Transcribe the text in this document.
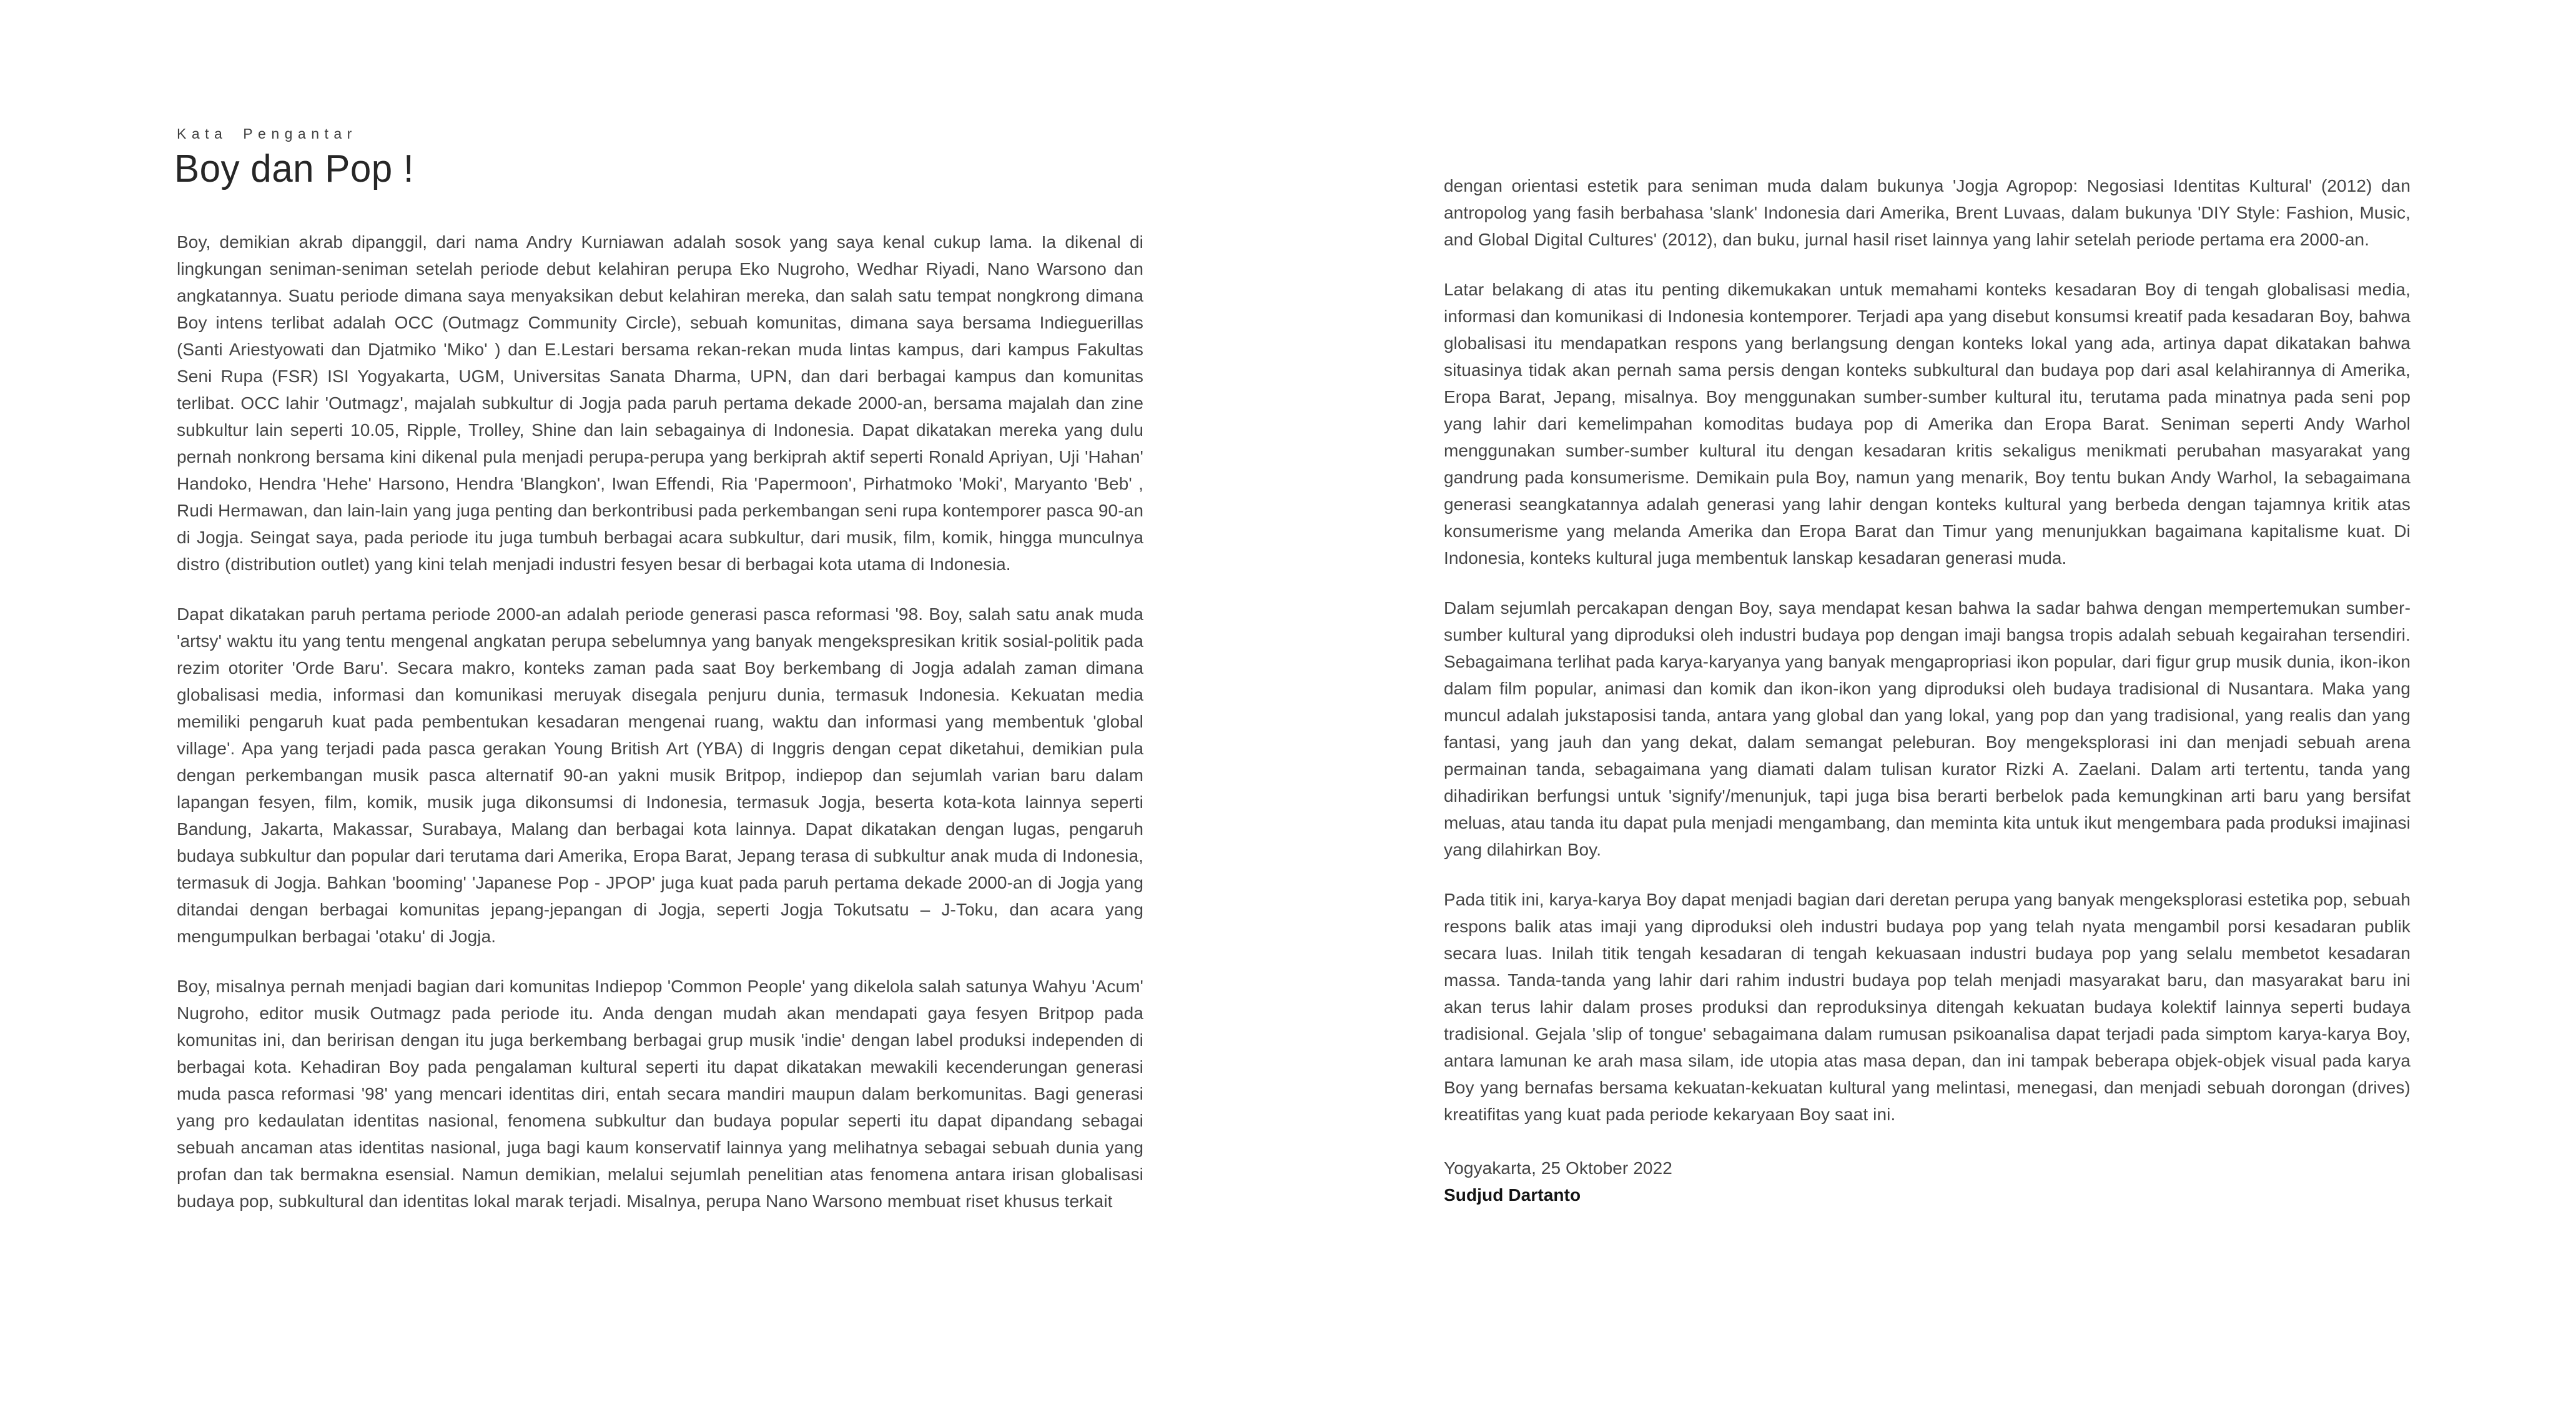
Kata Pengantar
Boy dan Pop !

Boy, demikian akrab dipanggil, dari nama Andry Kurniawan adalah sosok yang saya kenal cukup lama. Ia dikenal di lingkungan seniman-seniman setelah periode debut kelahiran perupa Eko Nugroho, Wedhar Riyadi, Nano Warsono dan angkatannya. Suatu periode dimana saya menyaksikan debut kelahiran mereka, dan salah satu tempat nongkrong dimana Boy intens terlibat adalah OCC (Outmagz Community Circle), sebuah komunitas, dimana saya bersama Indieguerillas (Santi Ariestyowati dan Djatmiko 'Miko' ) dan E.Lestari bersama rekan-rekan muda lintas kampus, dari kampus Fakultas Seni Rupa (FSR) ISI Yogyakarta, UGM, Universitas Sanata Dharma, UPN, dan dari berbagai kampus dan komunitas terlibat. OCC lahir 'Outmagz', majalah subkultur di Jogja pada paruh pertama dekade 2000-an, bersama majalah dan zine subkultur lain seperti 10.05, Ripple, Trolley, Shine dan lain sebagainya di Indonesia. Dapat dikatakan mereka yang dulu pernah nonkrong bersama kini dikenal pula menjadi perupa-perupa yang berkiprah aktif seperti Ronald Apriyan, Uji 'Hahan' Handoko, Hendra 'Hehe' Harsono, Hendra 'Blangkon', Iwan Effendi, Ria 'Papermoon', Pirhatmoko 'Moki', Maryanto 'Beb' , Rudi Hermawan, dan lain-lain yang juga penting dan berkontribusi pada perkembangan seni rupa kontemporer pasca 90-an di Jogja. Seingat saya, pada periode itu juga tumbuh berbagai acara subkultur, dari musik, film, komik, hingga munculnya distro (distribution outlet) yang kini telah menjadi industri fesyen besar di berbagai kota utama di Indonesia.

Dapat dikatakan paruh pertama periode 2000-an adalah periode generasi pasca reformasi '98. Boy, salah satu anak muda 'artsy' waktu itu yang tentu mengenal angkatan perupa sebelumnya yang banyak mengekspresikan kritik sosial-politik pada rezim otoriter 'Orde Baru'. Secara makro, konteks zaman pada saat Boy berkembang di Jogja adalah zaman dimana globalisasi media, informasi dan komunikasi meruyak disegala penjuru dunia, termasuk Indonesia. Kekuatan media memiliki pengaruh kuat pada pembentukan kesadaran mengenai ruang, waktu dan informasi yang membentuk 'global village'. Apa yang terjadi pada pasca gerakan Young British Art (YBA) di Inggris dengan cepat diketahui, demikian pula dengan perkembangan musik pasca alternatif 90-an yakni musik Britpop, indiepop dan sejumlah varian baru dalam lapangan fesyen, film, komik, musik juga dikonsumsi di Indonesia, termasuk Jogja, beserta kota-kota lainnya seperti Bandung, Jakarta, Makassar, Surabaya, Malang dan berbagai kota lainnya. Dapat dikatakan dengan lugas, pengaruh budaya subkultur dan popular dari terutama dari Amerika, Eropa Barat, Jepang terasa di subkultur anak muda di Indonesia, termasuk di Jogja. Bahkan 'booming' 'Japanese Pop - JPOP' juga kuat pada paruh pertama dekade 2000-an di Jogja yang ditandai dengan berbagai komunitas jepang-jepangan di Jogja, seperti Jogja Tokutsatu – J-Toku, dan acara yang mengumpulkan berbagai 'otaku' di Jogja.

Boy, misalnya pernah menjadi bagian dari komunitas Indiepop 'Common People' yang dikelola salah satunya Wahyu 'Acum' Nugroho, editor musik Outmagz pada periode itu. Anda dengan mudah akan mendapati gaya fesyen Britpop pada komunitas ini, dan beririsan dengan itu juga berkembang berbagai grup musik 'indie' dengan label produksi independen di berbagai kota. Kehadiran Boy pada pengalaman kultural seperti itu dapat dikatakan mewakili kecenderungan generasi muda pasca reformasi '98' yang mencari identitas diri, entah secara mandiri maupun dalam berkomunitas. Bagi generasi yang pro kedaulatan identitas nasional, fenomena subkultur dan budaya popular seperti itu dapat dipandang sebagai sebuah ancaman atas identitas nasional, juga bagi kaum konservatif lainnya yang melihatnya sebagai sebuah dunia yang profan dan tak bermakna esensial. Namun demikian, melalui sejumlah penelitian atas fenomena antara irisan globalisasi budaya pop, subkultural dan identitas lokal marak terjadi. Misalnya, perupa Nano Warsono membuat riset khusus terkait

dengan orientasi estetik para seniman muda dalam bukunya 'Jogja Agropop: Negosiasi Identitas Kultural' (2012) dan antropolog yang fasih berbahasa 'slank' Indonesia dari Amerika, Brent Luvaas, dalam bukunya 'DIY Style: Fashion, Music, and Global Digital Cultures' (2012), dan buku, jurnal hasil riset lainnya yang lahir setelah periode pertama era 2000-an.

Latar belakang di atas itu penting dikemukakan untuk memahami konteks kesadaran Boy di tengah globalisasi media, informasi dan komunikasi di Indonesia kontemporer. Terjadi apa yang disebut konsumsi kreatif pada kesadaran Boy, bahwa globalisasi itu mendapatkan respons yang berlangsung dengan konteks lokal yang ada, artinya dapat dikatakan bahwa situasinya tidak akan pernah sama persis dengan konteks subkultural dan budaya pop dari asal kelahirannya di Amerika, Eropa Barat, Jepang, misalnya. Boy menggunakan sumber-sumber kultural itu, terutama pada minatnya pada seni pop yang lahir dari kemelimpahan komoditas budaya pop di Amerika dan Eropa Barat. Seniman seperti Andy Warhol menggunakan sumber-sumber kultural itu dengan kesadaran kritis sekaligus menikmati perubahan masyarakat yang gandrung pada konsumerisme. Demikain pula Boy, namun yang menarik, Boy tentu bukan Andy Warhol, Ia sebagaimana generasi seangkatannya adalah generasi yang lahir dengan konteks kultural yang berbeda dengan tajamnya kritik atas konsumerisme yang melanda Amerika dan Eropa Barat dan Timur yang menunjukkan bagaimana kapitalisme kuat. Di Indonesia, konteks kultural juga membentuk lanskap kesadaran generasi muda.

Dalam sejumlah percakapan dengan Boy, saya mendapat kesan bahwa Ia sadar bahwa dengan mempertemukan sumber-sumber kultural yang diproduksi oleh industri budaya pop dengan imaji bangsa tropis adalah sebuah kegairahan tersendiri. Sebagaimana terlihat pada karya-karyanya yang banyak mengapropriasi ikon popular, dari figur grup musik dunia, ikon-ikon dalam film popular, animasi dan komik dan ikon-ikon yang diproduksi oleh budaya tradisional di Nusantara. Maka yang muncul adalah jukstaposisi tanda, antara yang global dan yang lokal, yang pop dan yang tradisional, yang realis dan yang fantasi, yang jauh dan yang dekat, dalam semangat peleburan. Boy mengeksplorasi ini dan menjadi sebuah arena permainan tanda, sebagaimana yang diamati dalam tulisan kurator Rizki A. Zaelani. Dalam arti tertentu, tanda yang dihadirikan berfungsi untuk 'signify'/menunjuk, tapi juga bisa berarti berbelok pada kemungkinan arti baru yang bersifat meluas, atau tanda itu dapat pula menjadi mengambang, dan meminta kita untuk ikut mengembara pada produksi imajinasi yang dilahirkan Boy.

Pada titik ini, karya-karya Boy dapat menjadi bagian dari deretan perupa yang banyak mengeksplorasi estetika pop, sebuah respons balik atas imaji yang diproduksi oleh industri budaya pop yang telah nyata mengambil porsi kesadaran publik secara luas. Inilah titik tengah kesadaran di tengah kekuasaan industri budaya pop yang selalu membetot kesadaran massa. Tanda-tanda yang lahir dari rahim industri budaya pop telah menjadi masyarakat baru, dan masyarakat baru ini akan terus lahir dalam proses produksi dan reproduksinya ditengah kekuatan budaya kolektif lainnya seperti budaya tradisional. Gejala 'slip of tongue' sebagaimana dalam rumusan psikoanalisa dapat terjadi pada simptom karya-karya Boy, antara lamunan ke arah masa silam, ide utopia atas masa depan, dan ini tampak beberapa objek-objek visual pada karya Boy yang bernafas bersama kekuatan-kekuatan kultural yang melintasi, menegasi, dan menjadi sebuah dorongan (drives) kreatifitas yang kuat pada periode kekaryaan Boy saat ini.

Yogyakarta, 25 Oktober 2022

Sudjud Dartanto
